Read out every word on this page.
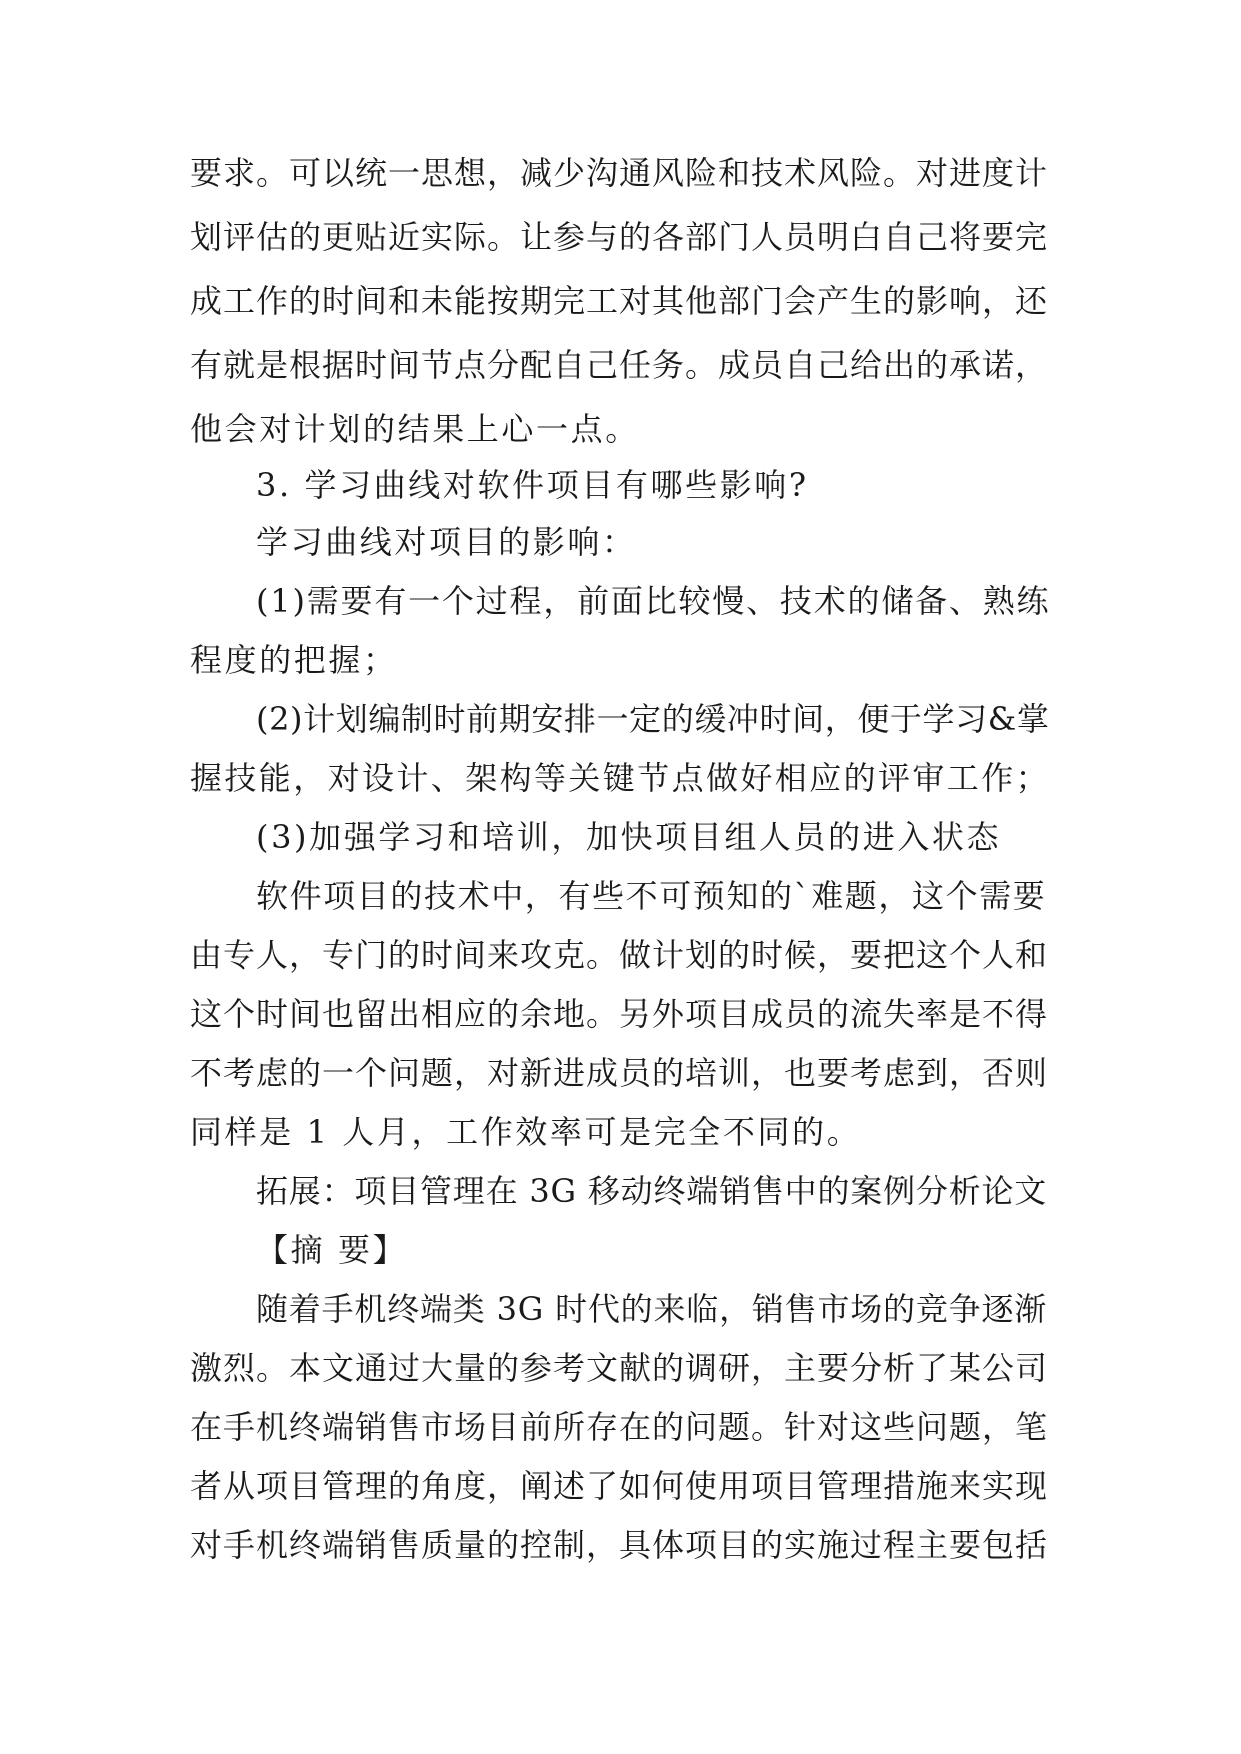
要求。可以统一思想，减少沟通风险和技术风险。对进度计
划评估的更贴近实际。让参与的各部门人员明白自己将要完
成工作的时间和未能按期完工对其他部门会产生的影响，还
有就是根据时间节点分配自己任务。成员自己给出的承诺，
他会对计划的结果上心一点。
3. 学习曲线对软件项目有哪些影响?
学习曲线对项目的影响：
(1)需要有一个过程，前面比较慢、技术的储备、熟练
程度的把握；
(2)计划编制时前期安排一定的缓冲时间，便于学习&掌
握技能，对设计、架构等关键节点做好相应的评审工作；
(3)加强学习和培训，加快项目组人员的进入状态
软件项目的技术中，有些不可预知的`难题，这个需要
由专人，专门的时间来攻克。做计划的时候，要把这个人和
这个时间也留出相应的余地。另外项目成员的流失率是不得
不考虑的一个问题，对新进成员的培训，也要考虑到，否则
同样是 1 人月，工作效率可是完全不同的。
拓展：项目管理在 3G 移动终端销售中的案例分析论文
【摘 要】
随着手机终端类 3G 时代的来临，销售市场的竞争逐渐
激烈。本文通过大量的参考文献的调研，主要分析了某公司
在手机终端销售市场目前所存在的问题。针对这些问题，笔
者从项目管理的角度，阐述了如何使用项目管理措施来实现
对手机终端销售质量的控制，具体项目的实施过程主要包括
